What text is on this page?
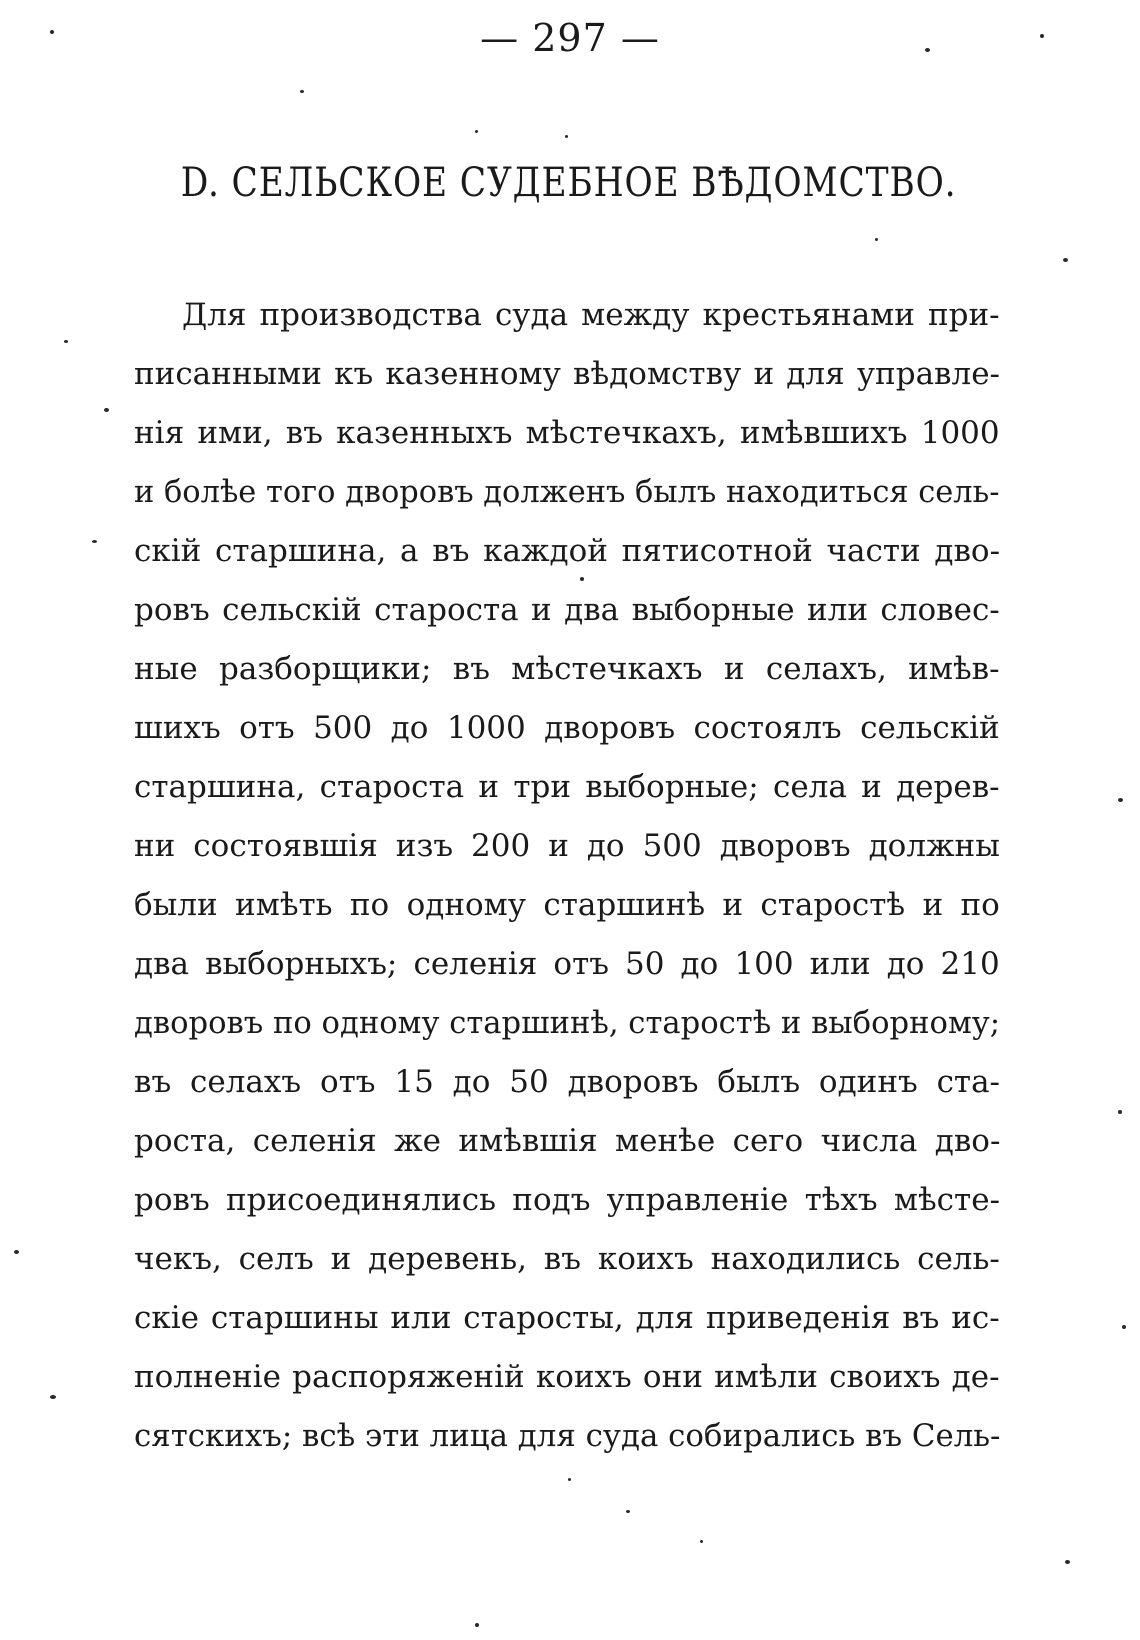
— 297 —
D. СЕЛЬСКОЕ СУДЕБНОЕ ВѢДОМСТВО.
Для производства суда между крестьянами при-
писанными къ казенному вѣдомству и для управле-
нія ими, въ казенныхъ мѣстечкахъ, имѣвшихъ 1000
и болѣе того дворовъ долженъ былъ находиться сель-
скій старшина, а въ каждой пятисотной части дво-
ровъ сельскій староста и два выборные или словес-
ные разборщики; въ мѣстечкахъ и селахъ, имѣв-
шихъ отъ 500 до 1000 дворовъ состоялъ сельскій
старшина, староста и три выборные; села и дерев-
ни состоявшія изъ 200 и до 500 дворовъ должны
были имѣть по одному старшинѣ и старостѣ и по
два выборныхъ; селенія отъ 50 до 100 или до 210
дворовъ по одному старшинѣ, старостѣ и выборному;
въ селахъ отъ 15 до 50 дворовъ былъ одинъ ста-
роста, селенія же имѣвшія менѣе сего числа дво-
ровъ присоединялись подъ управленіе тѣхъ мѣсте-
чекъ, селъ и деревень, въ коихъ находились сель-
скіе старшины или старосты, для приведенія въ ис-
полненіе распоряженій коихъ они имѣли своихъ де-
сятскихъ; всѣ эти лица для суда собирались въ Сель-
